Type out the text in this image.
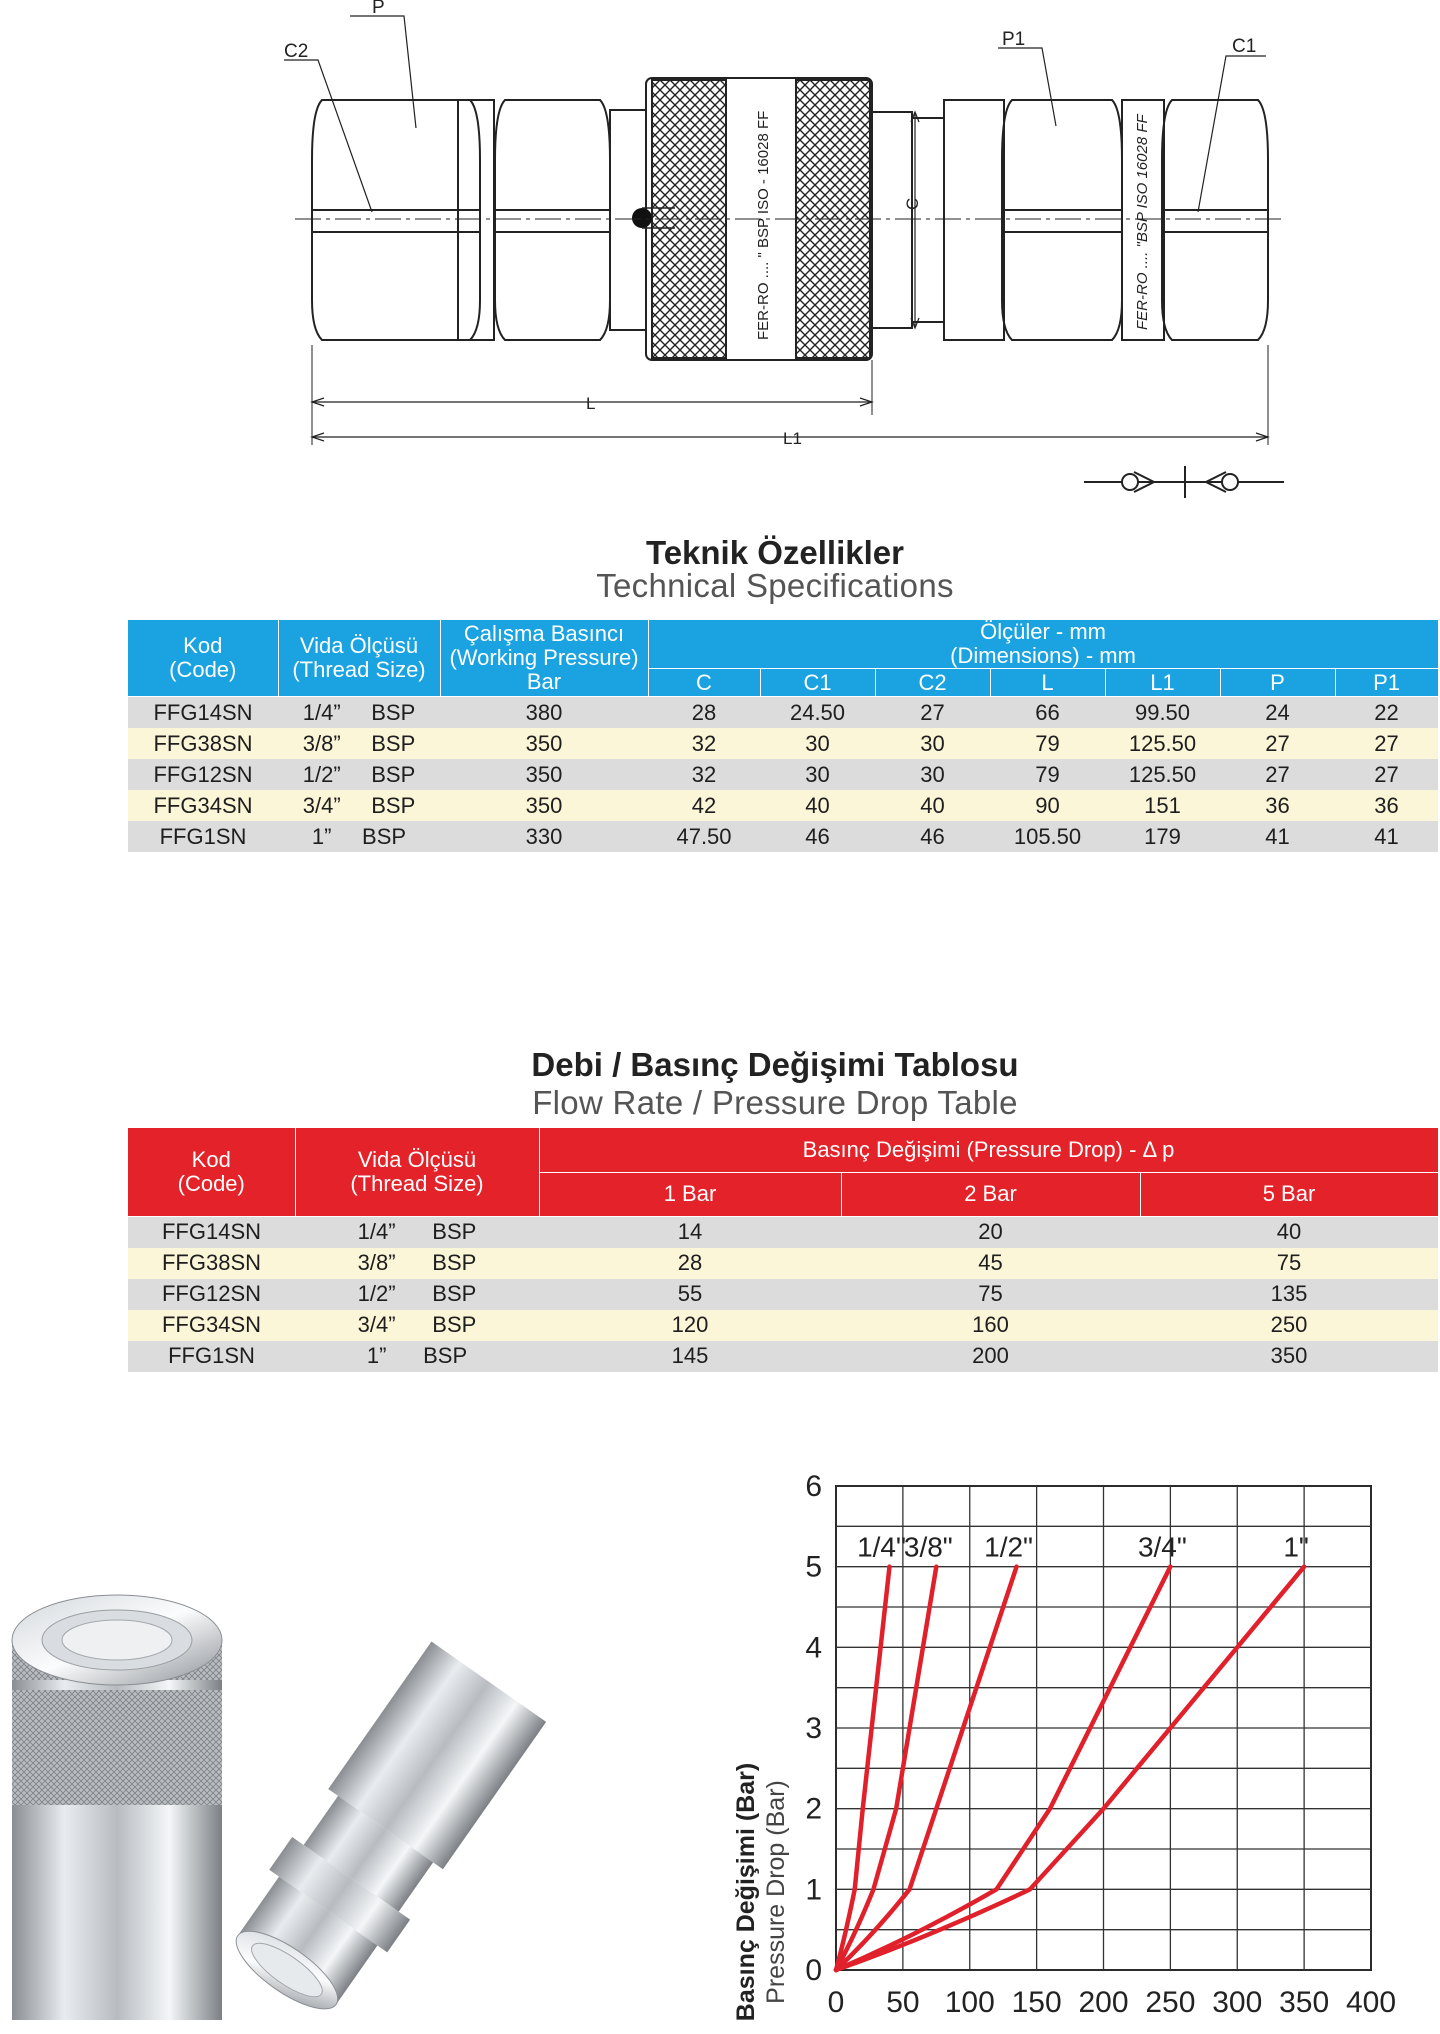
FER-RO .... " BSP ISO - 16028 FF	FER-RO .... "BSP ISO 16028 FF
C
L
L1
P
C2
P1	C1
Teknik Özellikler
Technical Specifications
Kod
(Code)	Vida Ölçüsü
(Thread Size)	Çalışma Basıncı
(Working Pressure)
Bar	Ölçüler - mm
(Dimensions) - mm						
			C	C1	C2	L	L1	P	P1
FFG14SN	1/4” BSP	380	28	24.50	27	66	99.50	24	22
FFG38SN	3/8” BSP	350	32	30	30	79	125.50	27	27
FFG12SN	1/2” BSP	350	32	30	30	79	125.50	27	27
FFG34SN	3/4” BSP	350	42	40	40	90	151	36	36
FFG1SN	1” BSP	330	47.50	46	46	105.50	179	41	41
Debi / Basınç Değişimi Tablosu
Flow Rate / Pressure Drop Table
Kod
(Code)	Vida Ölçüsü
(Thread Size)	Basınç Değişimi (Pressure Drop) - Δ p		
		1 Bar	2 Bar	5 Bar
FFG14SN	1/4” BSP	14	20	40
FFG38SN	3/8” BSP	28	45	75
FFG12SN	1/2” BSP	55	75	135
FFG34SN	3/4” BSP	120	160	250
FFG1SN	1” BSP	145	200	350
0 50 100 150 200 250 300 350 400
0
1
2
3
4
5
6
1/4"
3/8" 1/2"	3/4"	1"
Basınç Değişimi (Bar) Pressure Drop (Bar)
